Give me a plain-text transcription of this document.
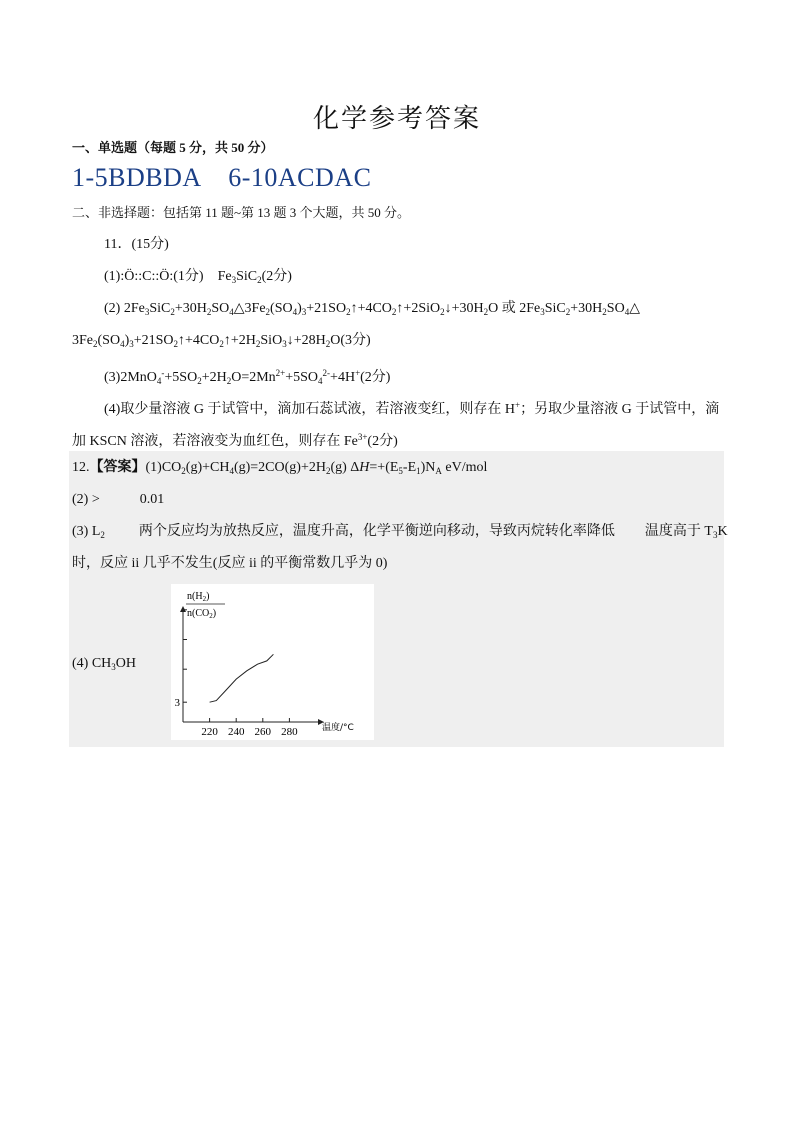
化学参考答案
一、单选题（每题 5 分，共 50 分）
1-5BDBDA    6-10ACDAC
二、非选择题：包括第 11 题~第 13 题 3 个大题，共 50 分。
11．(15分)
(1):Ö::C::Ö:(1分) $Fe_3SiC_2(2$分)
(2) $2Fe_3SiC_2+30H_2SO_4\triangle 3Fe_2(SO_4)_3+21SO_2↑+4CO_2↑+2SiO_2↓+30H_2O$ 或 $2Fe_3SiC_2+30H_2SO_4\triangle$
$3Fe_2(SO_4)_3+21SO_2↑+4CO_2↑+2H_2SiO_3↓+28H_2O(3$分)
$(3)2MnO_4^-+5SO_2+2H_2O=2Mn^{2+}+5SO_4^{2-}+4H^+(2$分)
(4)取少量溶液 G 于试管中，滴加石蕊试液，若溶液变红，则存在 H+；另取少量溶液 G 于试管中，滴
加 KSCN 溶液，若溶液变为血红色，则存在 $Fe^{3+}(2$分)
12.【答案】$(1)CO_2(g)+CH_4(g)=2CO(g)+2H_2(g)$ $\Delta H=+(E_5-E_1)N_A$ eV/mol
(2) >	0.01
(3) $L_2$ 两个反应均为放热反应，温度升高，化学平衡逆向移动，导致丙烷转化率降低 温度高于 $T_3K$
时，反应 ii 几乎不发生(反应 ii 的平衡常数几乎为 0)
(4) $CH_3OH$
$n(H_2)$
$n(CO_2)$
温度/°C
220 240 260 280
3
